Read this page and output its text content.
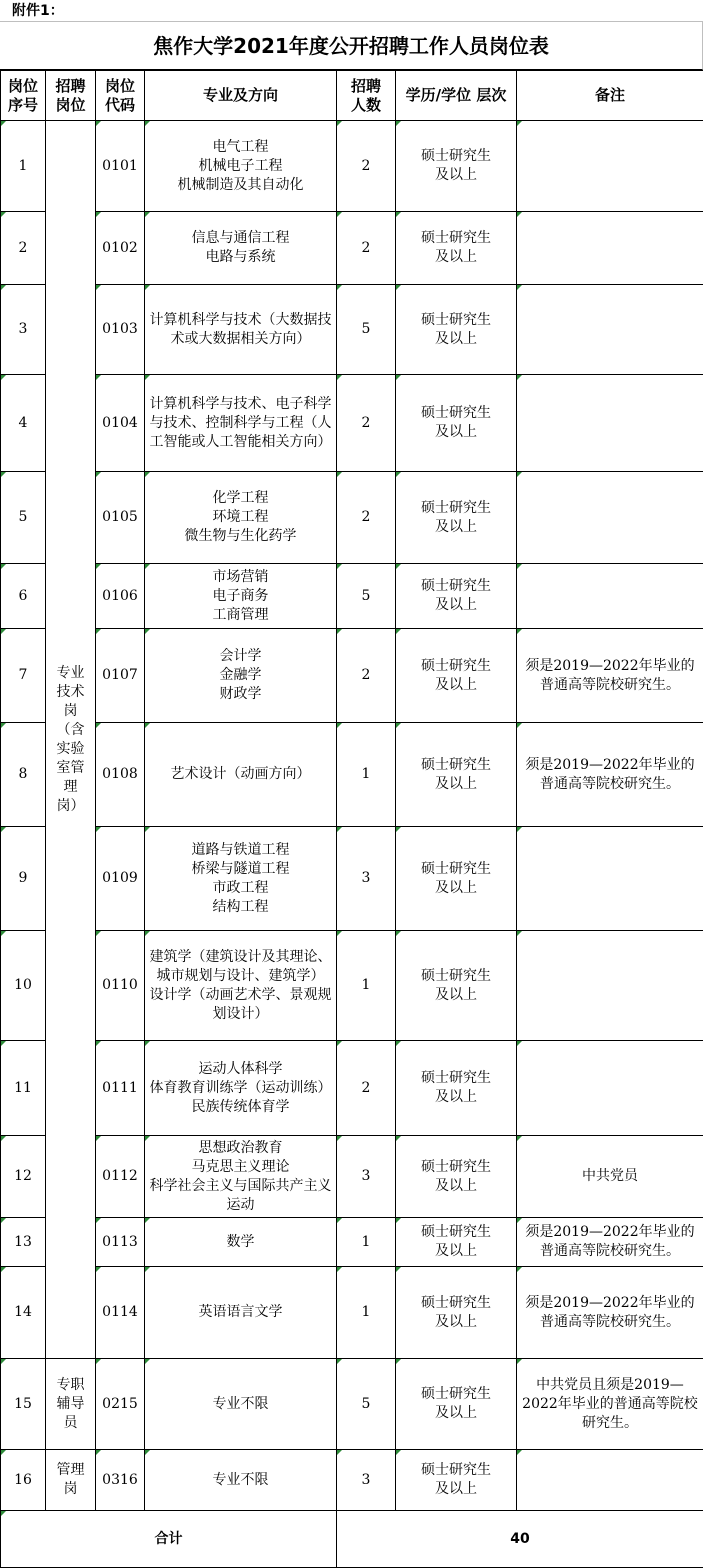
附件1：
焦作大学2021年度公开招聘工作人员岗位表
岗位序号	招聘岗位	岗位代码	专业及方向	招聘人数	学历/学位 层次	备注

1	专业技术岗（含实验室管理岗）	0101	电气工程
机械电子工程
机械制造及其自动化	2	硕士研究生及以上	

2		0102	信息与通信工程
电路与系统	2	硕士研究生及以上	

3		0103	计算机科学与技术（大数据技术或大数据相关方向）	5	硕士研究生及以上	

4		0104	计算机科学与技术、电子科学与技术、控制科学与工程（人工智能或人工智能相关方向）	2	硕士研究生及以上	

5		0105	化学工程
环境工程
微生物与生化药学	2	硕士研究生及以上	

6		0106	市场营销
电子商务
工商管理	5	硕士研究生及以上	

7		0107	会计学
金融学
财政学	2	硕士研究生及以上	须是2019—2022年毕业的普通高等院校研究生。

8		0108	艺术设计（动画方向）	1	硕士研究生及以上	须是2019—2022年毕业的普通高等院校研究生。

9		0109	道路与铁道工程
桥梁与隧道工程
市政工程
结构工程	3	硕士研究生及以上	

10		0110	建筑学（建筑设计及其理论、城市规划与设计、建筑学）
设计学（动画艺术学、景观规划设计）	1	硕士研究生及以上	

11		0111	运动人体科学
体育教育训练学（运动训练）
民族传统体育学	2	硕士研究生及以上	

12		0112	思想政治教育
马克思主义理论
科学社会主义与国际共产主义运动	3	硕士研究生及以上	中共党员

13		0113	数学	1	硕士研究生及以上	须是2019—2022年毕业的普通高等院校研究生。

14		0114	英语语言文学	1	硕士研究生及以上	须是2019—2022年毕业的普通高等院校研究生。

15	专职辅导员	0215	专业不限	5	硕士研究生及以上	中共党员且须是2019—2022年毕业的普通高等院校研究生。

16	管理岗	0316	专业不限	3	硕士研究生及以上	

合计				40		
